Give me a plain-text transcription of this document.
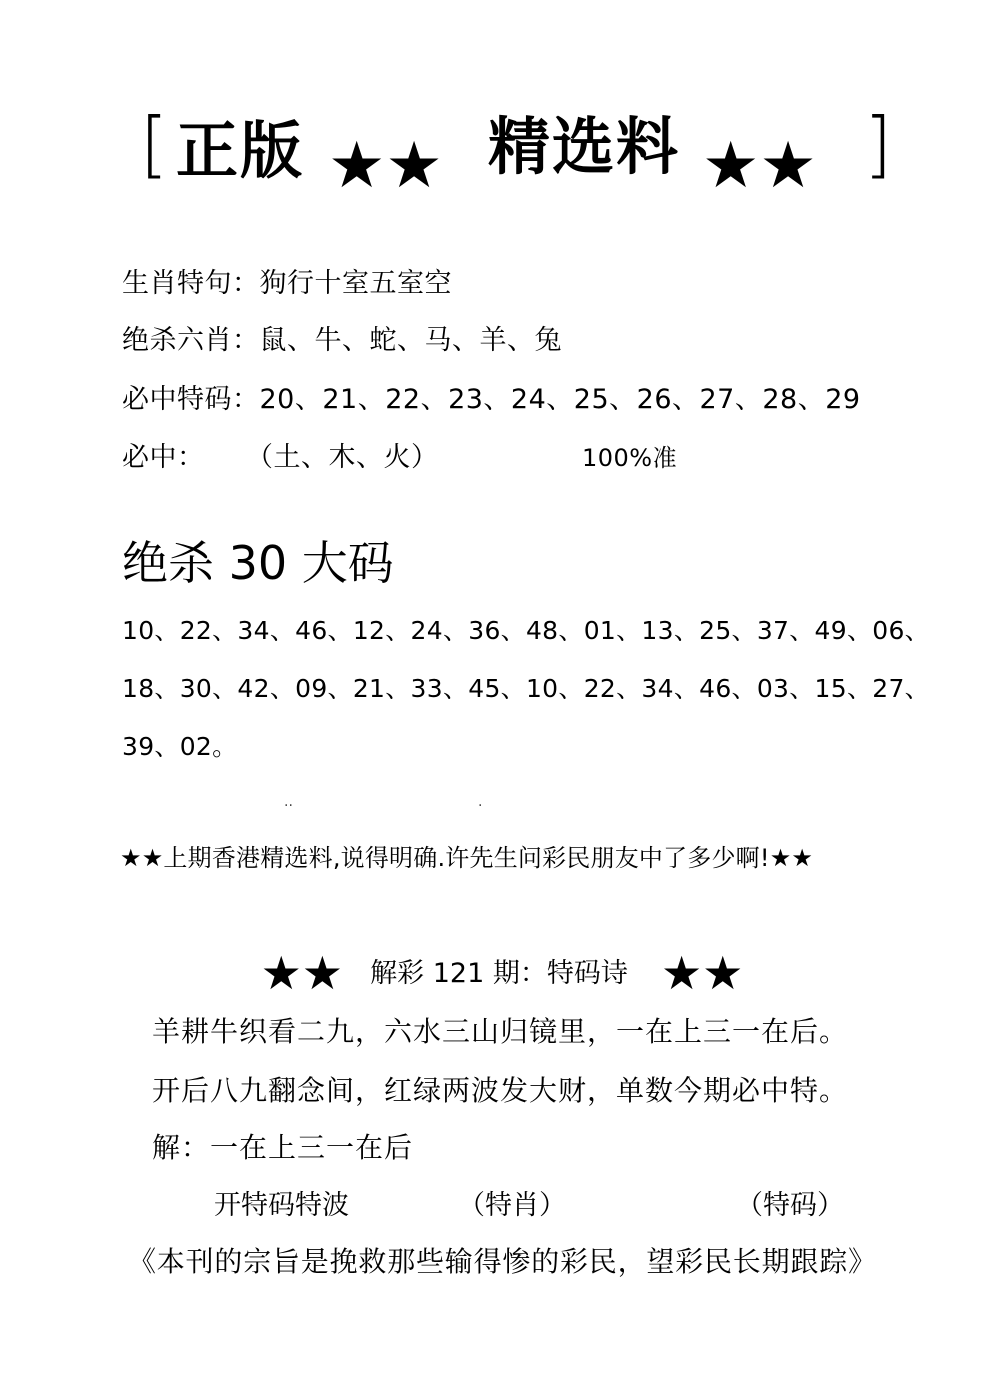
[ 正版 ★★ 精选料 ★★ ]
生肖特句：狗行十室五室空
绝杀六肖：鼠、牛、蛇、马、羊、兔
必中特码：20、21、22、23、24、25、26、27、28、29
必中： （土、木、火）	100%准
绝杀 30 大码
10、22、34、46、12、24、36、48、01、13、25、37、49、06、
18、30、42、09、21、33、45、10、22、34、46、03、15、27、
39、02。
··	·
★★上期香港精选料,说得明确.许先生问彩民朋友中了多少啊!★★
★★ 解彩 121 期：特码诗 ★★
羊耕牛织看二九，六水三山归镜里，一在上三一在后。
开后八九翻念间，红绿两波发大财，单数今期必中特。
解：一在上三一在后
开特码特波	（特肖）	（特码）
《本刊的宗旨是挽救那些输得惨的彩民，望彩民长期跟踪》
